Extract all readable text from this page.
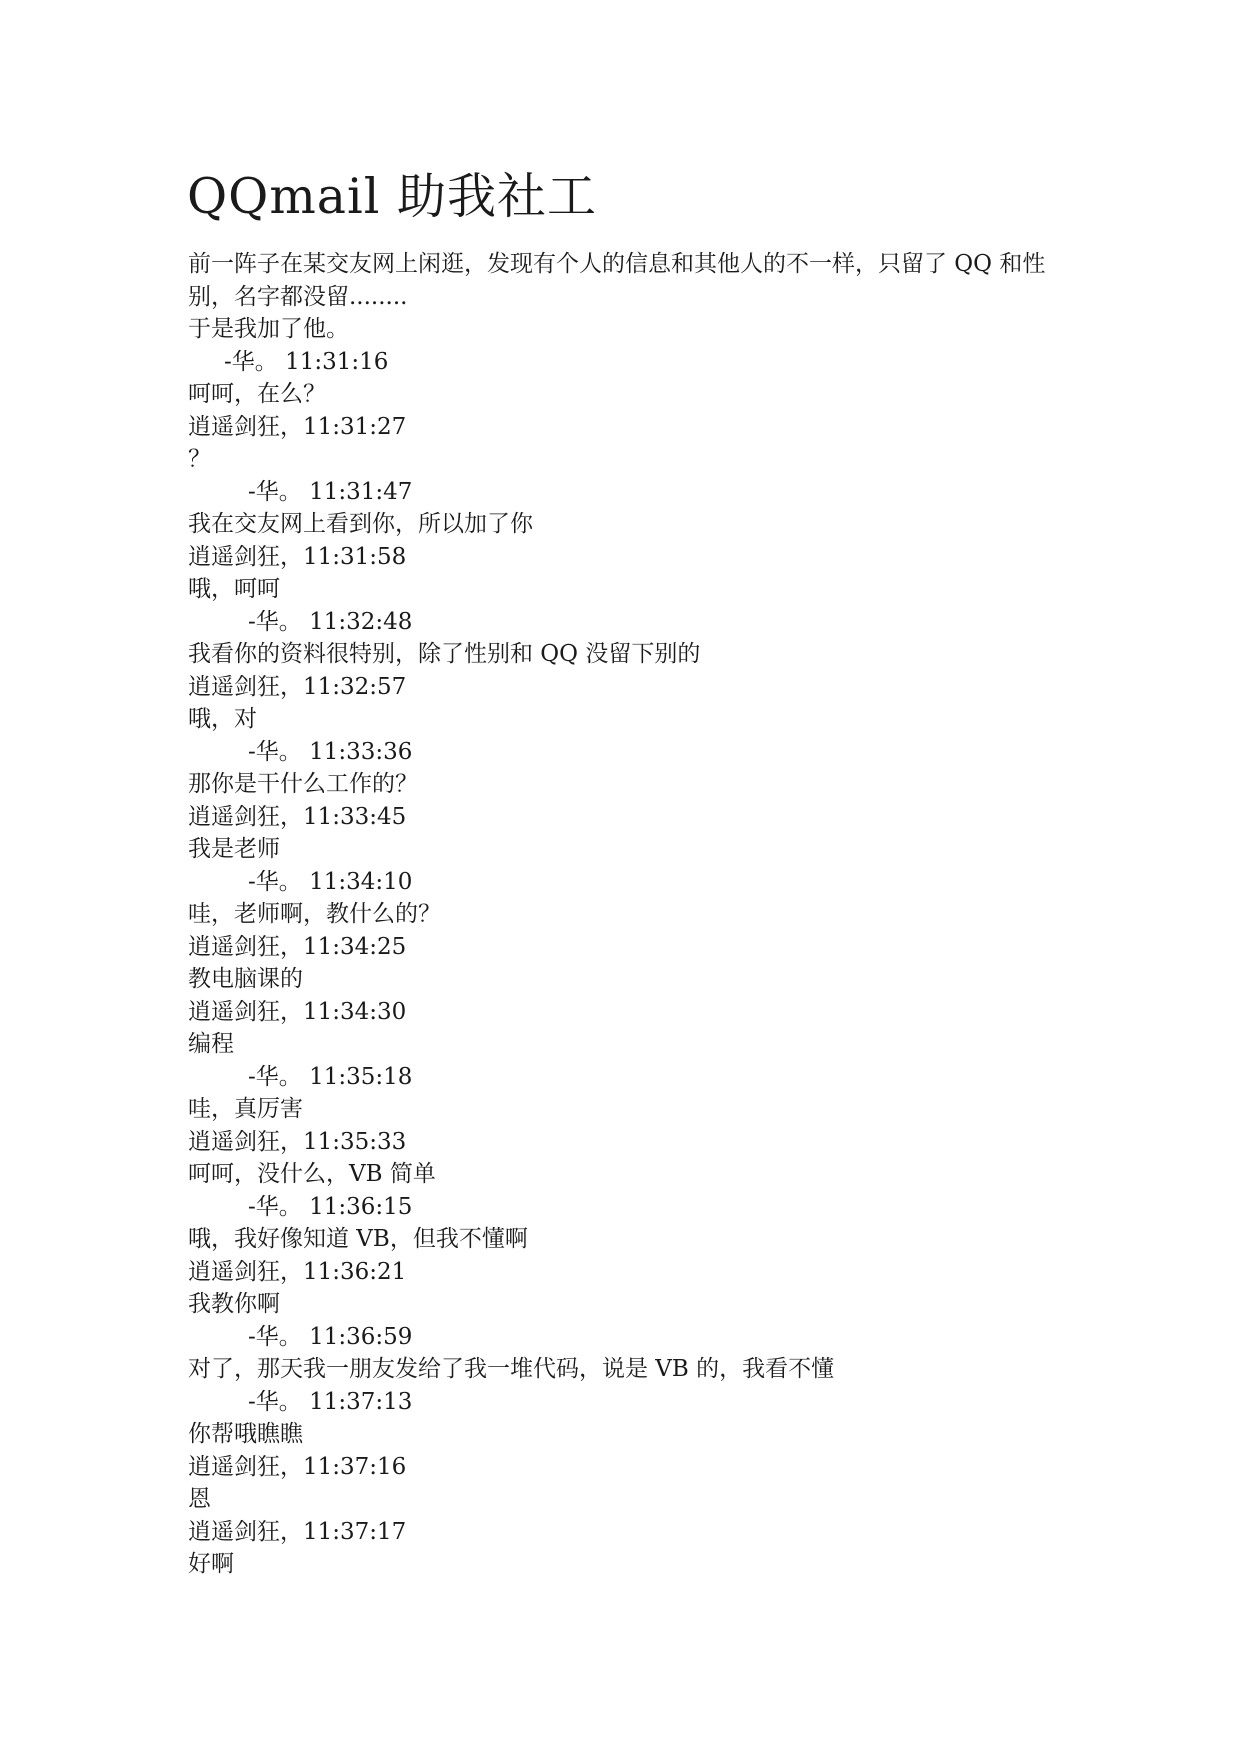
QQmail 助我社工
前一阵子在某交友网上闲逛，发现有个人的信息和其他人的不一样，只留了 QQ 和性别，名字都没留........
于是我加了他。
-华。 11:31:16
呵呵，在么？
逍遥剑狂，11:31:27
？
-华。 11:31:47
我在交友网上看到你，所以加了你
逍遥剑狂，11:31:58
哦，呵呵
-华。 11:32:48
我看你的资料很特别，除了性别和 QQ 没留下别的
逍遥剑狂，11:32:57
哦，对
-华。 11:33:36
那你是干什么工作的？
逍遥剑狂，11:33:45
我是老师
-华。 11:34:10
哇，老师啊，教什么的？
逍遥剑狂，11:34:25
教电脑课的
逍遥剑狂，11:34:30
编程
-华。 11:35:18
哇，真厉害
逍遥剑狂，11:35:33
呵呵，没什么，VB 简单
-华。 11:36:15
哦，我好像知道 VB，但我不懂啊
逍遥剑狂，11:36:21
我教你啊
-华。 11:36:59
对了，那天我一朋友发给了我一堆代码，说是 VB 的，我看不懂
-华。 11:37:13
你帮哦瞧瞧
逍遥剑狂，11:37:16
恩
逍遥剑狂，11:37:17
好啊
